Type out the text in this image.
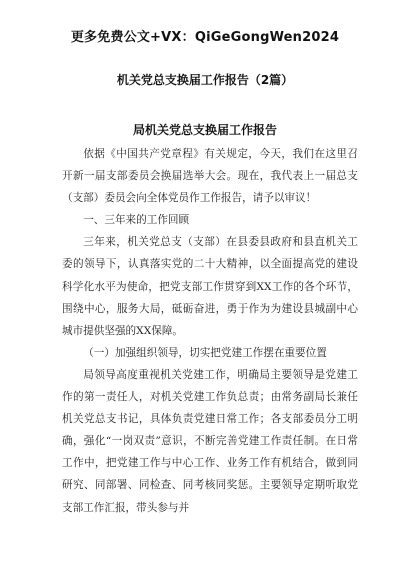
更多免费公文+VX：QiGeGongWen2024
机关党总支换届工作报告（2篇）
局机关党总支换届工作报告

依据《中国共产党章程》有关规定，今天，我们在这里召开新一届支部委员会换届选举大会。现在，我代表上一届总支（支部）委员会向全体党员作工作报告，请予以审议！

一、三年来的工作回顾

三年来，机关党总支（支部）在县委县政府和县直机关工委的领导下，认真落实党的二十大精神，以全面提高党的建设科学化水平为使命，把党支部工作贯穿到XX工作的各个环节，围绕中心，服务大局，砥砺奋进，勇于作为为建设县城副中心城市提供坚强的XX保障。

（一）加强组织领导，切实把党建工作摆在重要位置

局领导高度重视机关党建工作，明确局主要领导是党建工作的第一责任人，对机关党建工作负总责；由常务副局长兼任机关党总支书记，具体负责党建日常工作；各支部委员分工明确，强化“一岗双责”意识，不断完善党建工作责任制。在日常工作中，把党建工作与中心工作、业务工作有机结合，做到同研究、同部署、同检查、同考核同奖惩。主要领导定期听取党支部工作汇报，带头参与并
